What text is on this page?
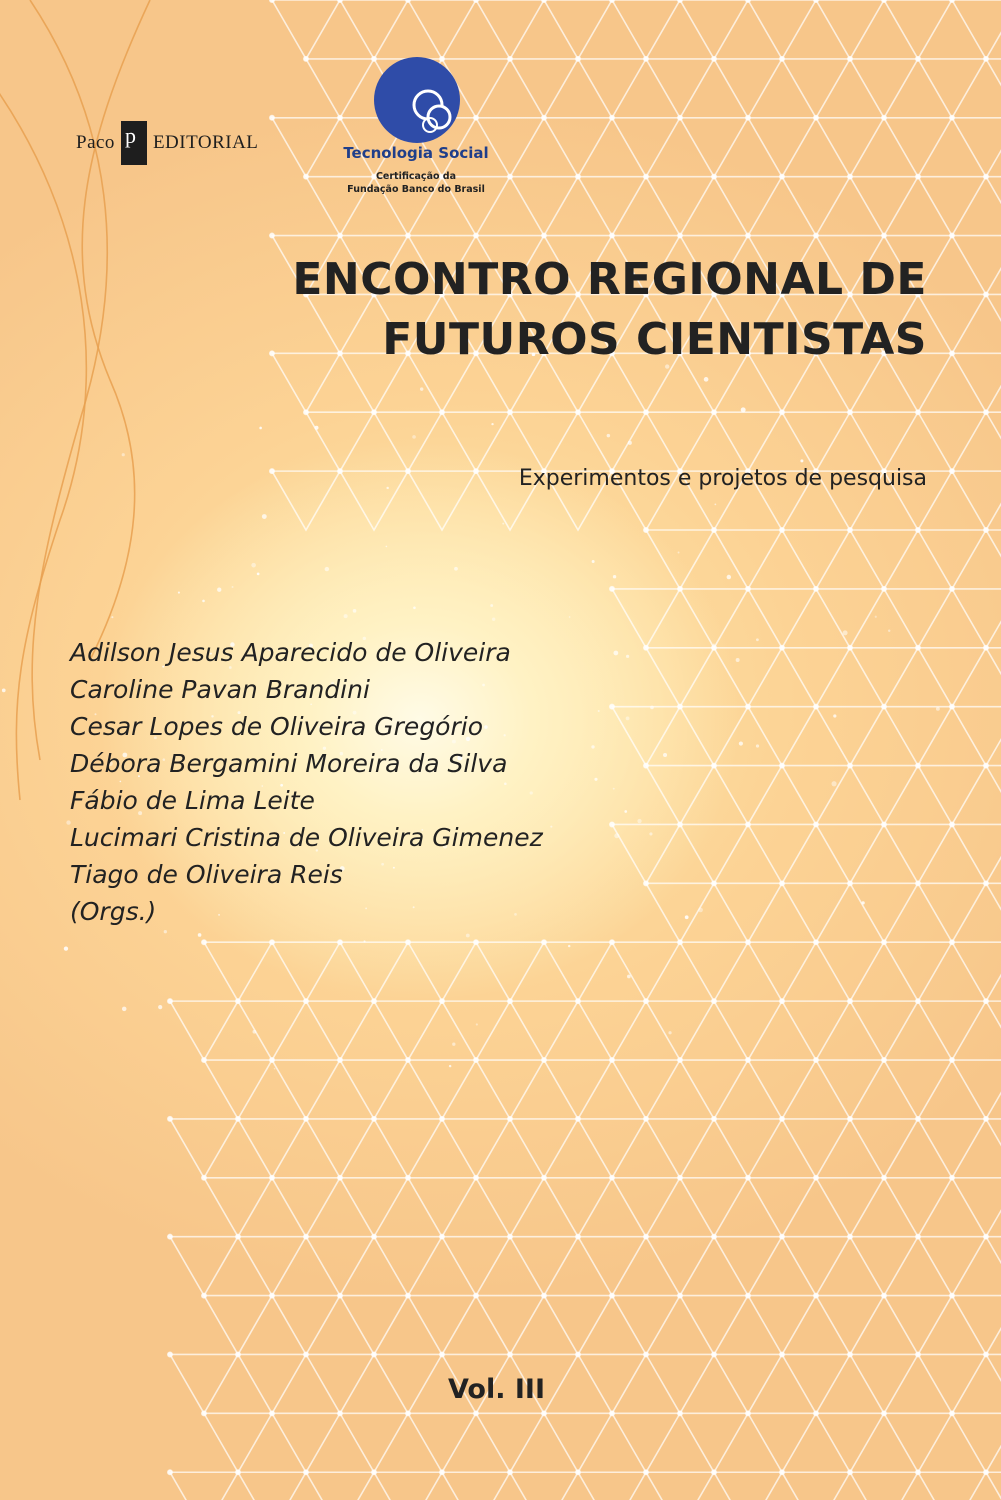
Paco p EDITORIAL	Tecnologia Social
Certificação da
Fundação Banco do Brasil
ENCONTRO REGIONAL DE
FUTUROS CIENTISTAS
Experimentos e projetos de pesquisa
Adilson Jesus Aparecido de Oliveira
Caroline Pavan Brandini
Cesar Lopes de Oliveira Gregório
Débora Bergamini Moreira da Silva
Fábio de Lima Leite
Lucimari Cristina de Oliveira Gimenez
Tiago de Oliveira Reis
(Orgs.)
Vol. III
